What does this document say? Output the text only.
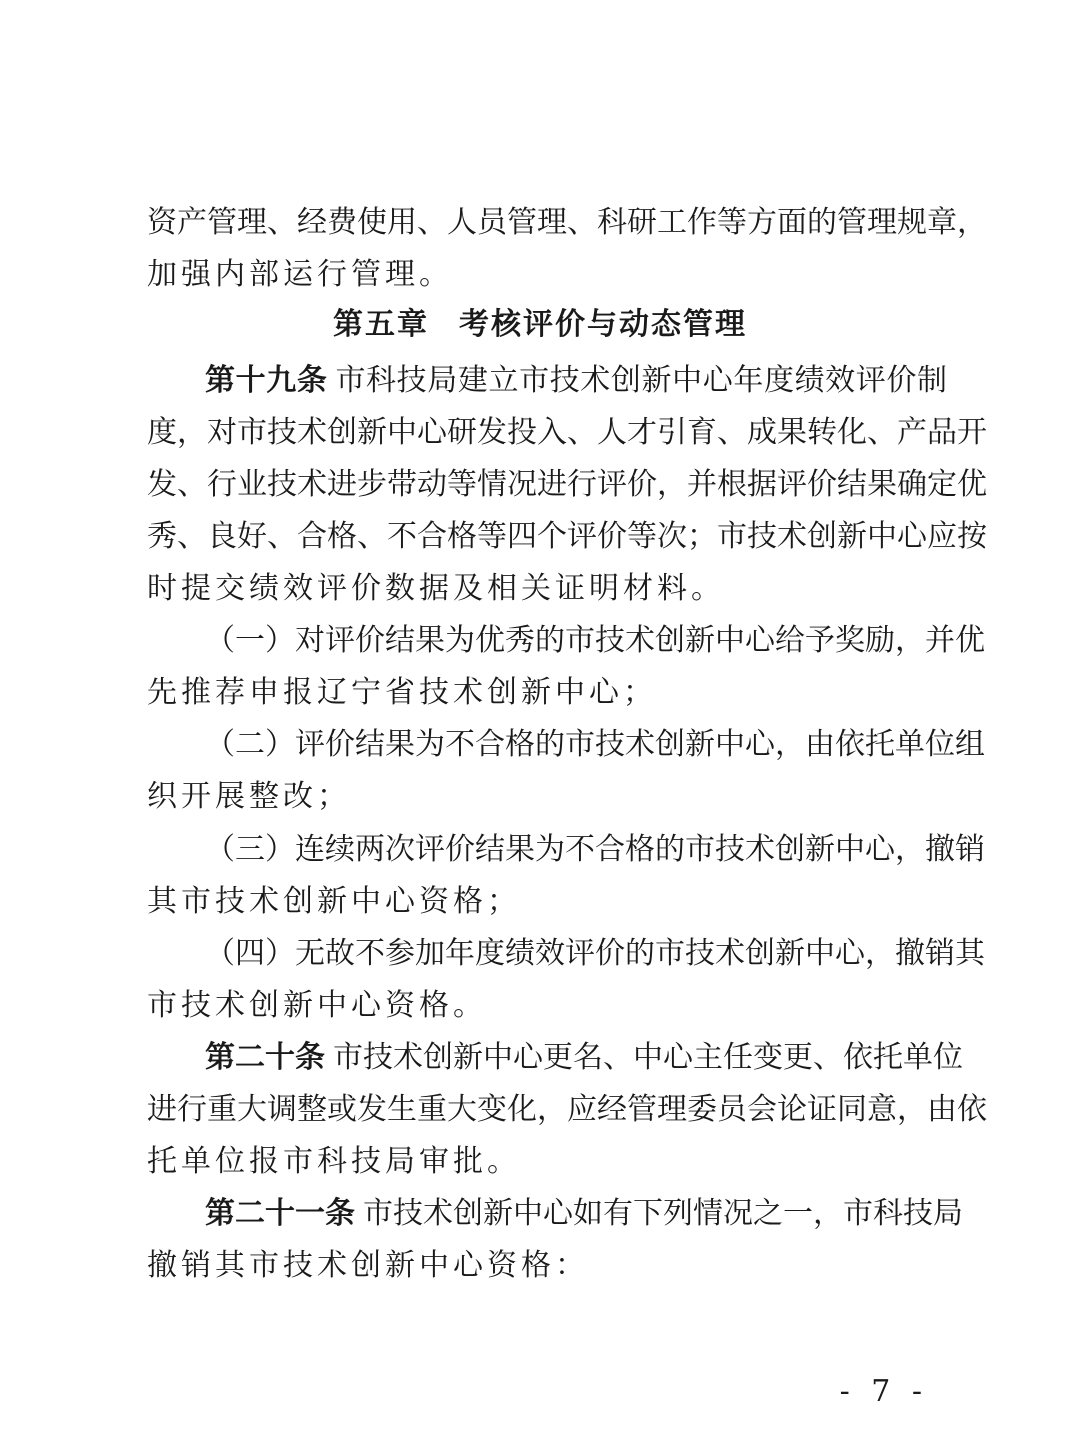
资产管理、经费使用、人员管理、科研工作等方面的管理规章，
加强内部运行管理。
第五章 考核评价与动态管理
第十九条 市科技局建立市技术创新中心年度绩效评价制
度，对市技术创新中心研发投入、人才引育、成果转化、产品开
发、行业技术进步带动等情况进行评价，并根据评价结果确定优
秀、良好、合格、不合格等四个评价等次；市技术创新中心应按
时提交绩效评价数据及相关证明材料。
（一）对评价结果为优秀的市技术创新中心给予奖励，并优
先推荐申报辽宁省技术创新中心；
（二）评价结果为不合格的市技术创新中心，由依托单位组
织开展整改；
（三）连续两次评价结果为不合格的市技术创新中心，撤销
其市技术创新中心资格；
（四）无故不参加年度绩效评价的市技术创新中心，撤销其
市技术创新中心资格。
第二十条 市技术创新中心更名、中心主任变更、依托单位
进行重大调整或发生重大变化，应经管理委员会论证同意，由依
托单位报市科技局审批。
第二十一条 市技术创新中心如有下列情况之一，市科技局
撤销其市技术创新中心资格：
- 7 -
